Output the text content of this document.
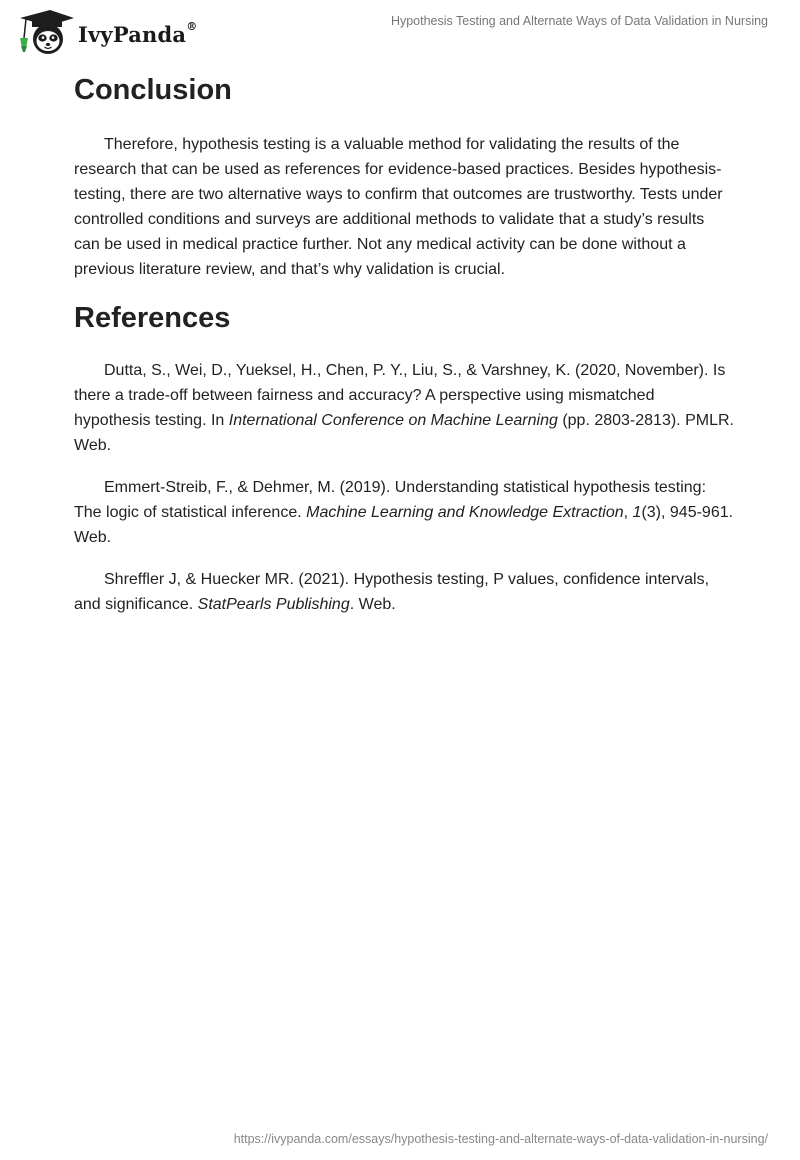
IvyPanda®	Hypothesis Testing and Alternate Ways of Data Validation in Nursing
Conclusion

Therefore, hypothesis testing is a valuable method for validating the results of the research that can be used as references for evidence-based practices. Besides hypothesis-testing, there are two alternative ways to confirm that outcomes are trustworthy. Tests under controlled conditions and surveys are additional methods to validate that a study’s results can be used in medical practice further. Not any medical activity can be done without a previous literature review, and that’s why validation is crucial.

References

Dutta, S., Wei, D., Yueksel, H., Chen, P. Y., Liu, S., & Varshney, K. (2020, November). Is there a trade-off between fairness and accuracy? A perspective using mismatched hypothesis testing. In International Conference on Machine Learning (pp. 2803-2813). PMLR. Web.

Emmert-Streib, F., & Dehmer, M. (2019). Understanding statistical hypothesis testing: The logic of statistical inference. Machine Learning and Knowledge Extraction, 1(3), 945-961. Web.

Shreffler J, & Huecker MR. (2021). Hypothesis testing, P values, confidence intervals, and significance. StatPearls Publishing. Web.

https://ivypanda.com/essays/hypothesis-testing-and-alternate-ways-of-data-validation-in-nursing/
